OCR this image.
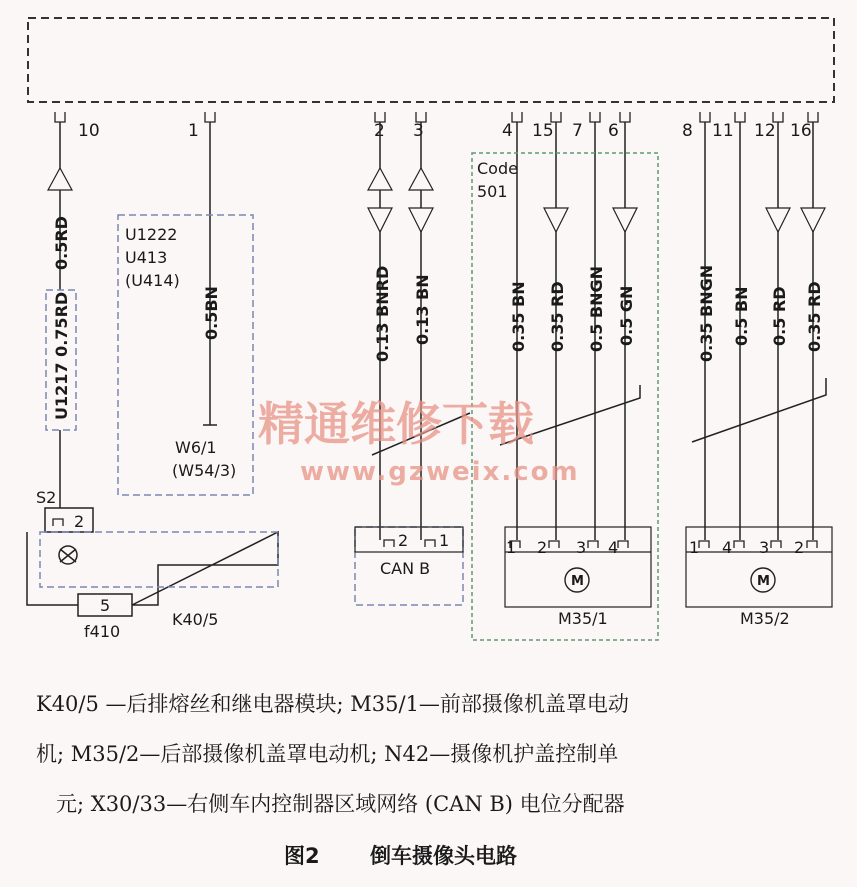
10	1	2 3	4 15 7 6	8 11 12 16
0.5RD
0.5BN	0.13 BNRD 0.13 BN	0.35 BN 0.35 RD 0.5 BNGN 0.5 GN	0.35 BNGN 0.5 BN 0.5 RD 0.35 RD
U1217 0.75RD
U1222
U413
(U414)
W6/1
(W54/3)
Code
501
S2
2
5
f410
K40/5
2 1
CAN B
1 2 3 4
M
M35/1
1 4 3 2
M
M35/2
精通维修下载
www.gzweix.com
K40/5 —后排熔丝和继电器模块; M35/1—前部摄像机盖罩电动
机; M35/2—后部摄像机盖罩电动机; N42—摄像机护盖控制单
元; X30/33—右侧车内控制器区域网络 (CAN B) 电位分配器
图2 倒车摄像头电路
